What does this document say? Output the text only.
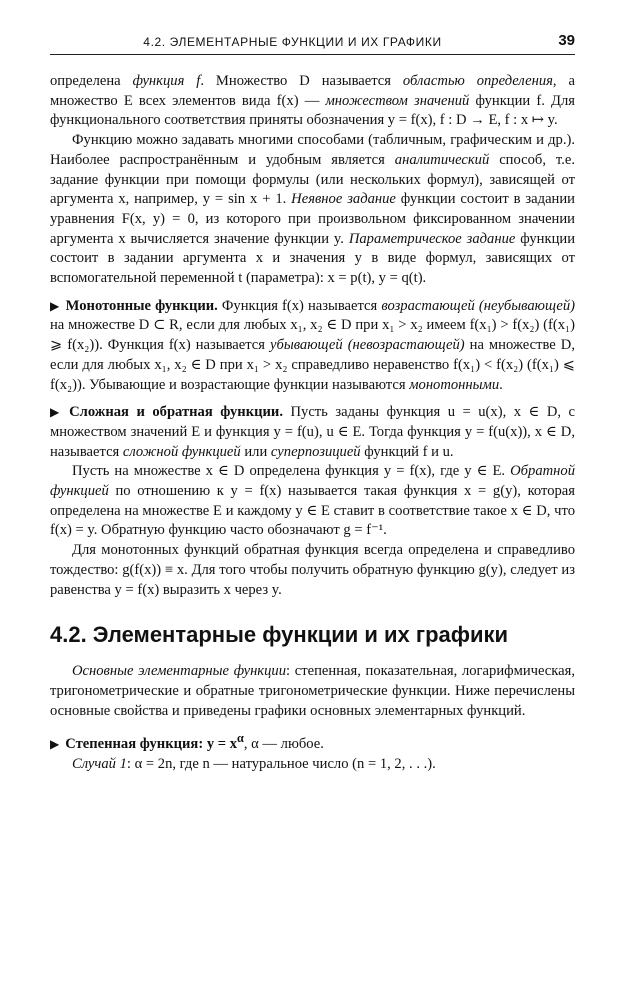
4.2. ЭЛЕМЕНТАРНЫЕ ФУНКЦИИ И ИХ ГРАФИКИ	39

определена функция f. Множество D называется областью определения, а множество E всех элементов вида f(x) — множеством значений функции f. Для функционального соответствия приняты обозначения y = f(x), f : D → E, f : x ↦ y.

Функцию можно задавать многими способами (табличным, графическим и др.). Наиболее распространённым и удобным является аналитический способ, т.е. задание функции при помощи формулы (или нескольких формул), зависящей от аргумента x, например, y = sin x + 1. Неявное задание функции состоит в задании уравнения F(x, y) = 0, из которого при произвольном фиксированном значении аргумента x вычисляется значение функции y. Параметрическое задание функции состоит в задании аргумента x и значения y в виде формул, зависящих от вспомогательной переменной t (параметра): x = p(t), y = q(t).

▶ Монотонные функции. Функция f(x) называется возрастающей (неубывающей) на множестве D ⊂ R, если для любых x₁, x₂ ∈ D при x₁ > x₂ имеем f(x₁) > f(x₂) (f(x₁) ⩾ f(x₂)). Функция f(x) называется убывающей (невозрастающей) на множестве D, если для любых x₁, x₂ ∈ D при x₁ > x₂ справедливо неравенство f(x₁) < f(x₂) (f(x₁) ⩽ f(x₂)). Убывающие и возрастающие функции называются монотонными.

▶ Сложная и обратная функции. Пусть заданы функция u = u(x), x ∈ D, с множеством значений E и функция y = f(u), u ∈ E. Тогда функция y = f(u(x)), x ∈ D, называется сложной функцией или суперпозицией функций f и u.

Пусть на множестве x ∈ D определена функция y = f(x), где y ∈ E. Обратной функцией по отношению к y = f(x) называется такая функция x = g(y), которая определена на множестве E и каждому y ∈ E ставит в соответствие такое x ∈ D, что f(x) = y. Обратную функцию часто обозначают g = f⁻¹.

Для монотонных функций обратная функция всегда определена и справедливо тождество: g(f(x)) ≡ x. Для того чтобы получить обратную функцию g(y), следует из равенства y = f(x) выразить x через y.

4.2. Элементарные функции и их графики

Основные элементарные функции: степенная, показательная, логарифмическая, тригонометрические и обратные тригонометрические функции. Ниже перечислены основные свойства и приведены графики основных элементарных функций.

▶ Степенная функция: $y = x^\alpha$, α — любое.

Случай 1: α = 2n, где n — натуральное число (n = 1, 2, . . .).
